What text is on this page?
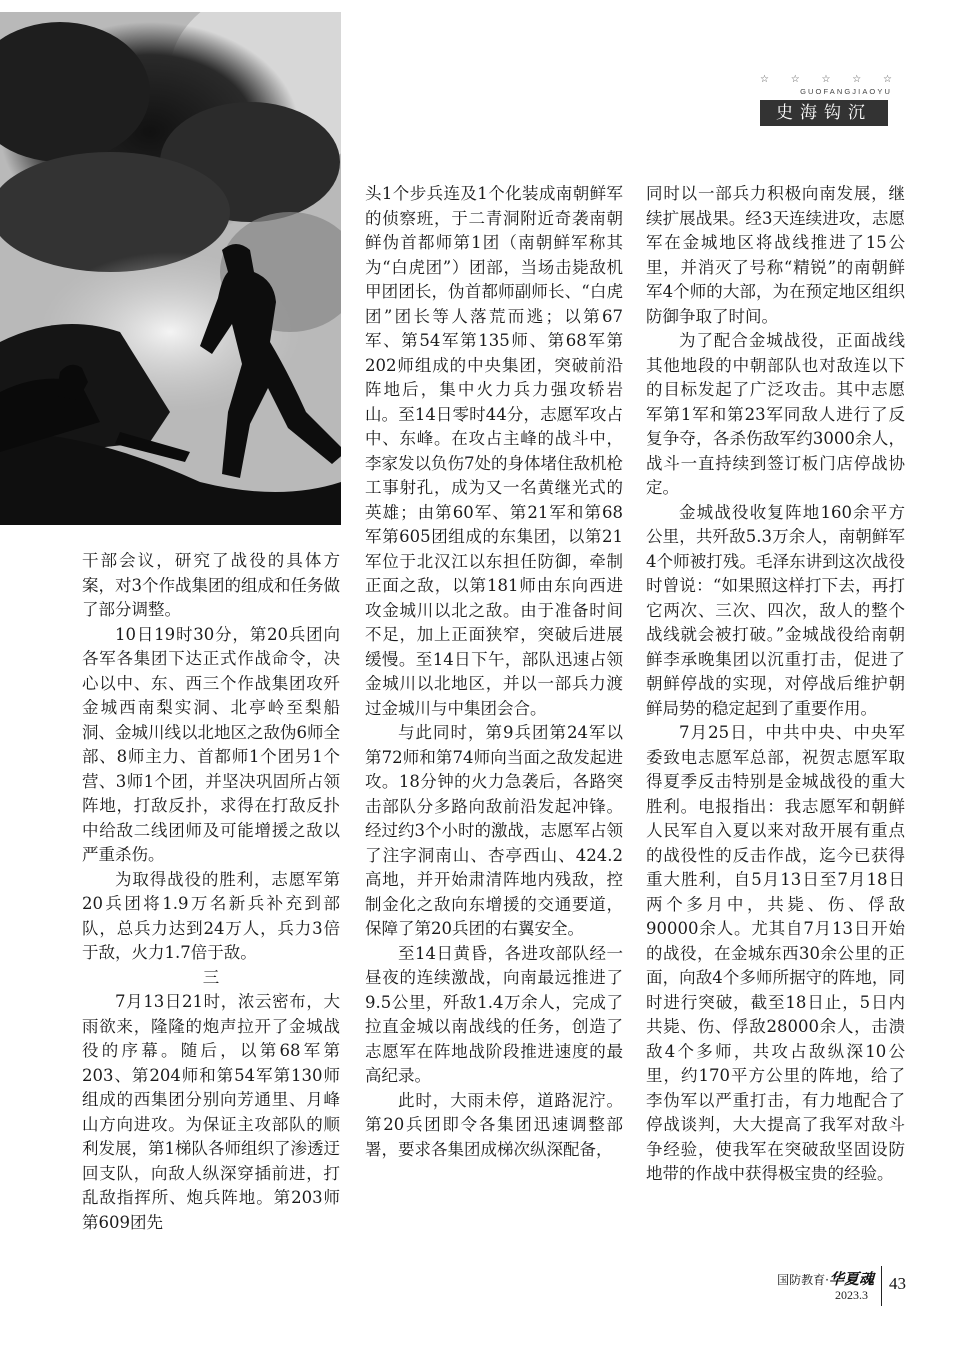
☆ ☆ ☆ ☆ ☆
GUOFANGJIAOYU
史海钩沉

干部会议，研究了战役的具体方案，对3个作战集团的组成和任务做了部分调整。

10日19时30分，第20兵团向各军各集团下达正式作战命令，决心以中、东、西三个作战集团攻歼金城西南梨实洞、北亭岭至梨船洞、金城川线以北地区之敌伪6师全部、8师主力、首都师1个团另1个营、3师1个团，并坚决巩固所占领阵地，打敌反扑，求得在打敌反扑中给敌二线团师及可能增援之敌以严重杀伤。

为取得战役的胜利，志愿军第20兵团将1.9万名新兵补充到部队，总兵力达到24万人，兵力3倍于敌，火力1.7倍于敌。

三

7月13日21时，浓云密布，大雨欲来，隆隆的炮声拉开了金城战役的序幕。随后，以第68军第203、第204师和第54军第130师组成的西集团分别向芳通里、月峰山方向进攻。为保证主攻部队的顺利发展，第1梯队各师组织了渗透迂回支队，向敌人纵深穿插前进，打乱敌指挥所、炮兵阵地。第203师第609团先

头1个步兵连及1个化装成南朝鲜军的侦察班，于二青洞附近奇袭南朝鲜伪首都师第1团（南朝鲜军称其为“白虎团”）团部，当场击毙敌机甲团团长，伪首都师副师长、“白虎团”团长等人落荒而逃；以第67军、第54军第135师、第68军第202师组成的中央集团，突破前沿阵地后，集中火力兵力强攻轿岩山。至14日零时44分，志愿军攻占中、东峰。在攻占主峰的战斗中，李家发以负伤7处的身体堵住敌机枪工事射孔，成为又一名黄继光式的英雄；由第60军、第21军和第68军第605团组成的东集团，以第21军位于北汉江以东担任防御，牵制正面之敌，以第181师由东向西进攻金城川以北之敌。由于准备时间不足，加上正面狭窄，突破后进展缓慢。至14日下午，部队迅速占领金城川以北地区，并以一部兵力渡过金城川与中集团会合。

与此同时，第9兵团第24军以第72师和第74师向当面之敌发起进攻。18分钟的火力急袭后，各路突击部队分多路向敌前沿发起冲锋。经过约3个小时的激战，志愿军占领了注字洞南山、杏亭西山、424.2高地，并开始肃清阵地内残敌，控制金化之敌向东增援的交通要道，保障了第20兵团的右翼安全。

至14日黄昏，各进攻部队经一昼夜的连续激战，向南最远推进了9.5公里，歼敌1.4万余人，完成了拉直金城以南战线的任务，创造了志愿军在阵地战阶段推进速度的最高纪录。

此时，大雨未停，道路泥泞。第20兵团即令各集团迅速调整部署，要求各集团成梯次纵深配备，

同时以一部兵力积极向南发展，继续扩展战果。经3天连续进攻，志愿军在金城地区将战线推进了15公里，并消灭了号称“精锐”的南朝鲜军4个师的大部，为在预定地区组织防御争取了时间。

为了配合金城战役，正面战线其他地段的中朝部队也对敌连以下的目标发起了广泛攻击。其中志愿军第1军和第23军同敌人进行了反复争夺，各杀伤敌军约3000余人，战斗一直持续到签订板门店停战协定。

金城战役收复阵地160余平方公里，共歼敌5.3万余人，南朝鲜军4个师被打残。毛泽东讲到这次战役时曾说：“如果照这样打下去，再打它两次、三次、四次，敌人的整个战线就会被打破。”金城战役给南朝鲜李承晚集团以沉重打击，促进了朝鲜停战的实现，对停战后维护朝鲜局势的稳定起到了重要作用。

7月25日，中共中央、中央军委致电志愿军总部，祝贺志愿军取得夏季反击特别是金城战役的重大胜利。电报指出：我志愿军和朝鲜人民军自入夏以来对敌开展有重点的战役性的反击作战，迄今已获得重大胜利，自5月13日至7月18日两个多月中，共毙、伤、俘敌90000余人。尤其自7月13日开始的战役，在金城东西30余公里的正面，向敌4个多师所据守的阵地，同时进行突破，截至18日止，5日内共毙、伤、俘敌28000余人，击溃敌4个多师，共攻占敌纵深10公里，约170平方公里的阵地，给了李伪军以严重打击，有力地配合了停战谈判，大大提高了我军对敌斗争经验，使我军在突破敌坚固设防地带的作战中获得极宝贵的经验。

国防教育·华夏魂
2023.3
43
